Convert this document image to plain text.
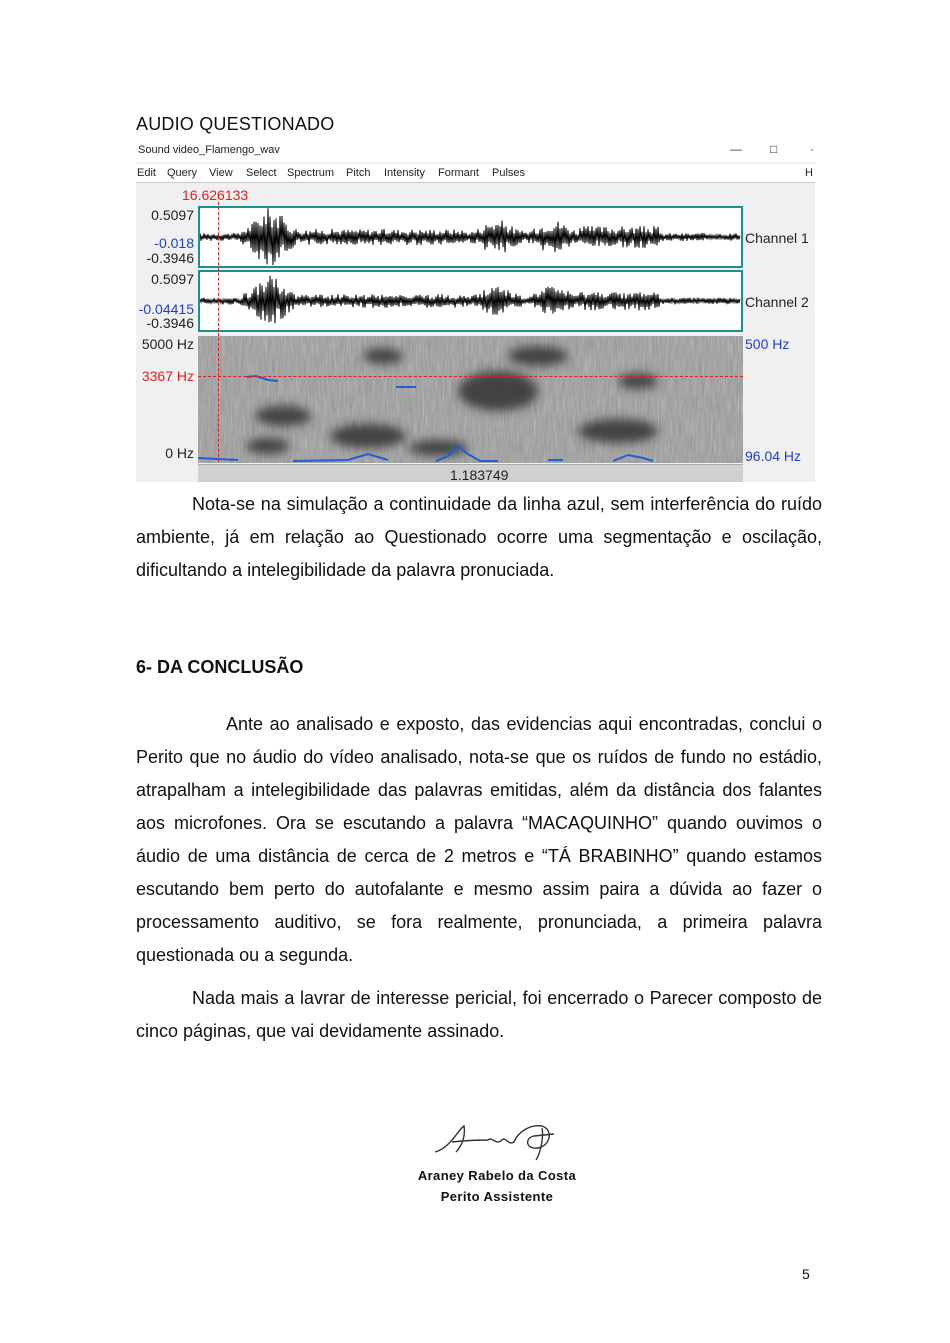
AUDIO QUESTIONADO
Sound video_Flamengo_wav	— □	·
Edit Query View Select Spectrum Pitch Intensity Formant Pulses	H
16.626133
0.5097
-0.018
-0.3946
Channel 1
0.5097
-0.04415
-0.3946
Channel 2
5000 Hz
3367 Hz
0 Hz
500 Hz
96.04 Hz
1.183749

Nota-se na simulação a continuidade da linha azul, sem interferência do ruído ambiente, já em relação ao Questionado ocorre uma segmentação e oscilação, dificultando a intelegibilidade da palavra pronuciada.

6- DA CONCLUSÃO

Ante ao analisado e exposto, das evidencias aqui encontradas, conclui o Perito que no áudio do vídeo analisado, nota-se que os ruídos de fundo no estádio, atrapalham a intelegibilidade das palavras emitidas, além da distância dos falantes aos microfones. Ora se escutando a palavra “MACAQUINHO” quando ouvimos o áudio de uma distância de cerca de 2 metros e “TÁ BRABINHO” quando estamos escutando bem perto do autofalante e mesmo assim paira a dúvida ao fazer o processamento auditivo, se fora realmente, pronunciada, a primeira palavra questionada ou a segunda.

Nada mais a lavrar de interesse pericial, foi encerrado o Parecer composto de cinco páginas, que vai devidamente assinado.

Araney Rabelo da Costa
Perito Assistente
5
